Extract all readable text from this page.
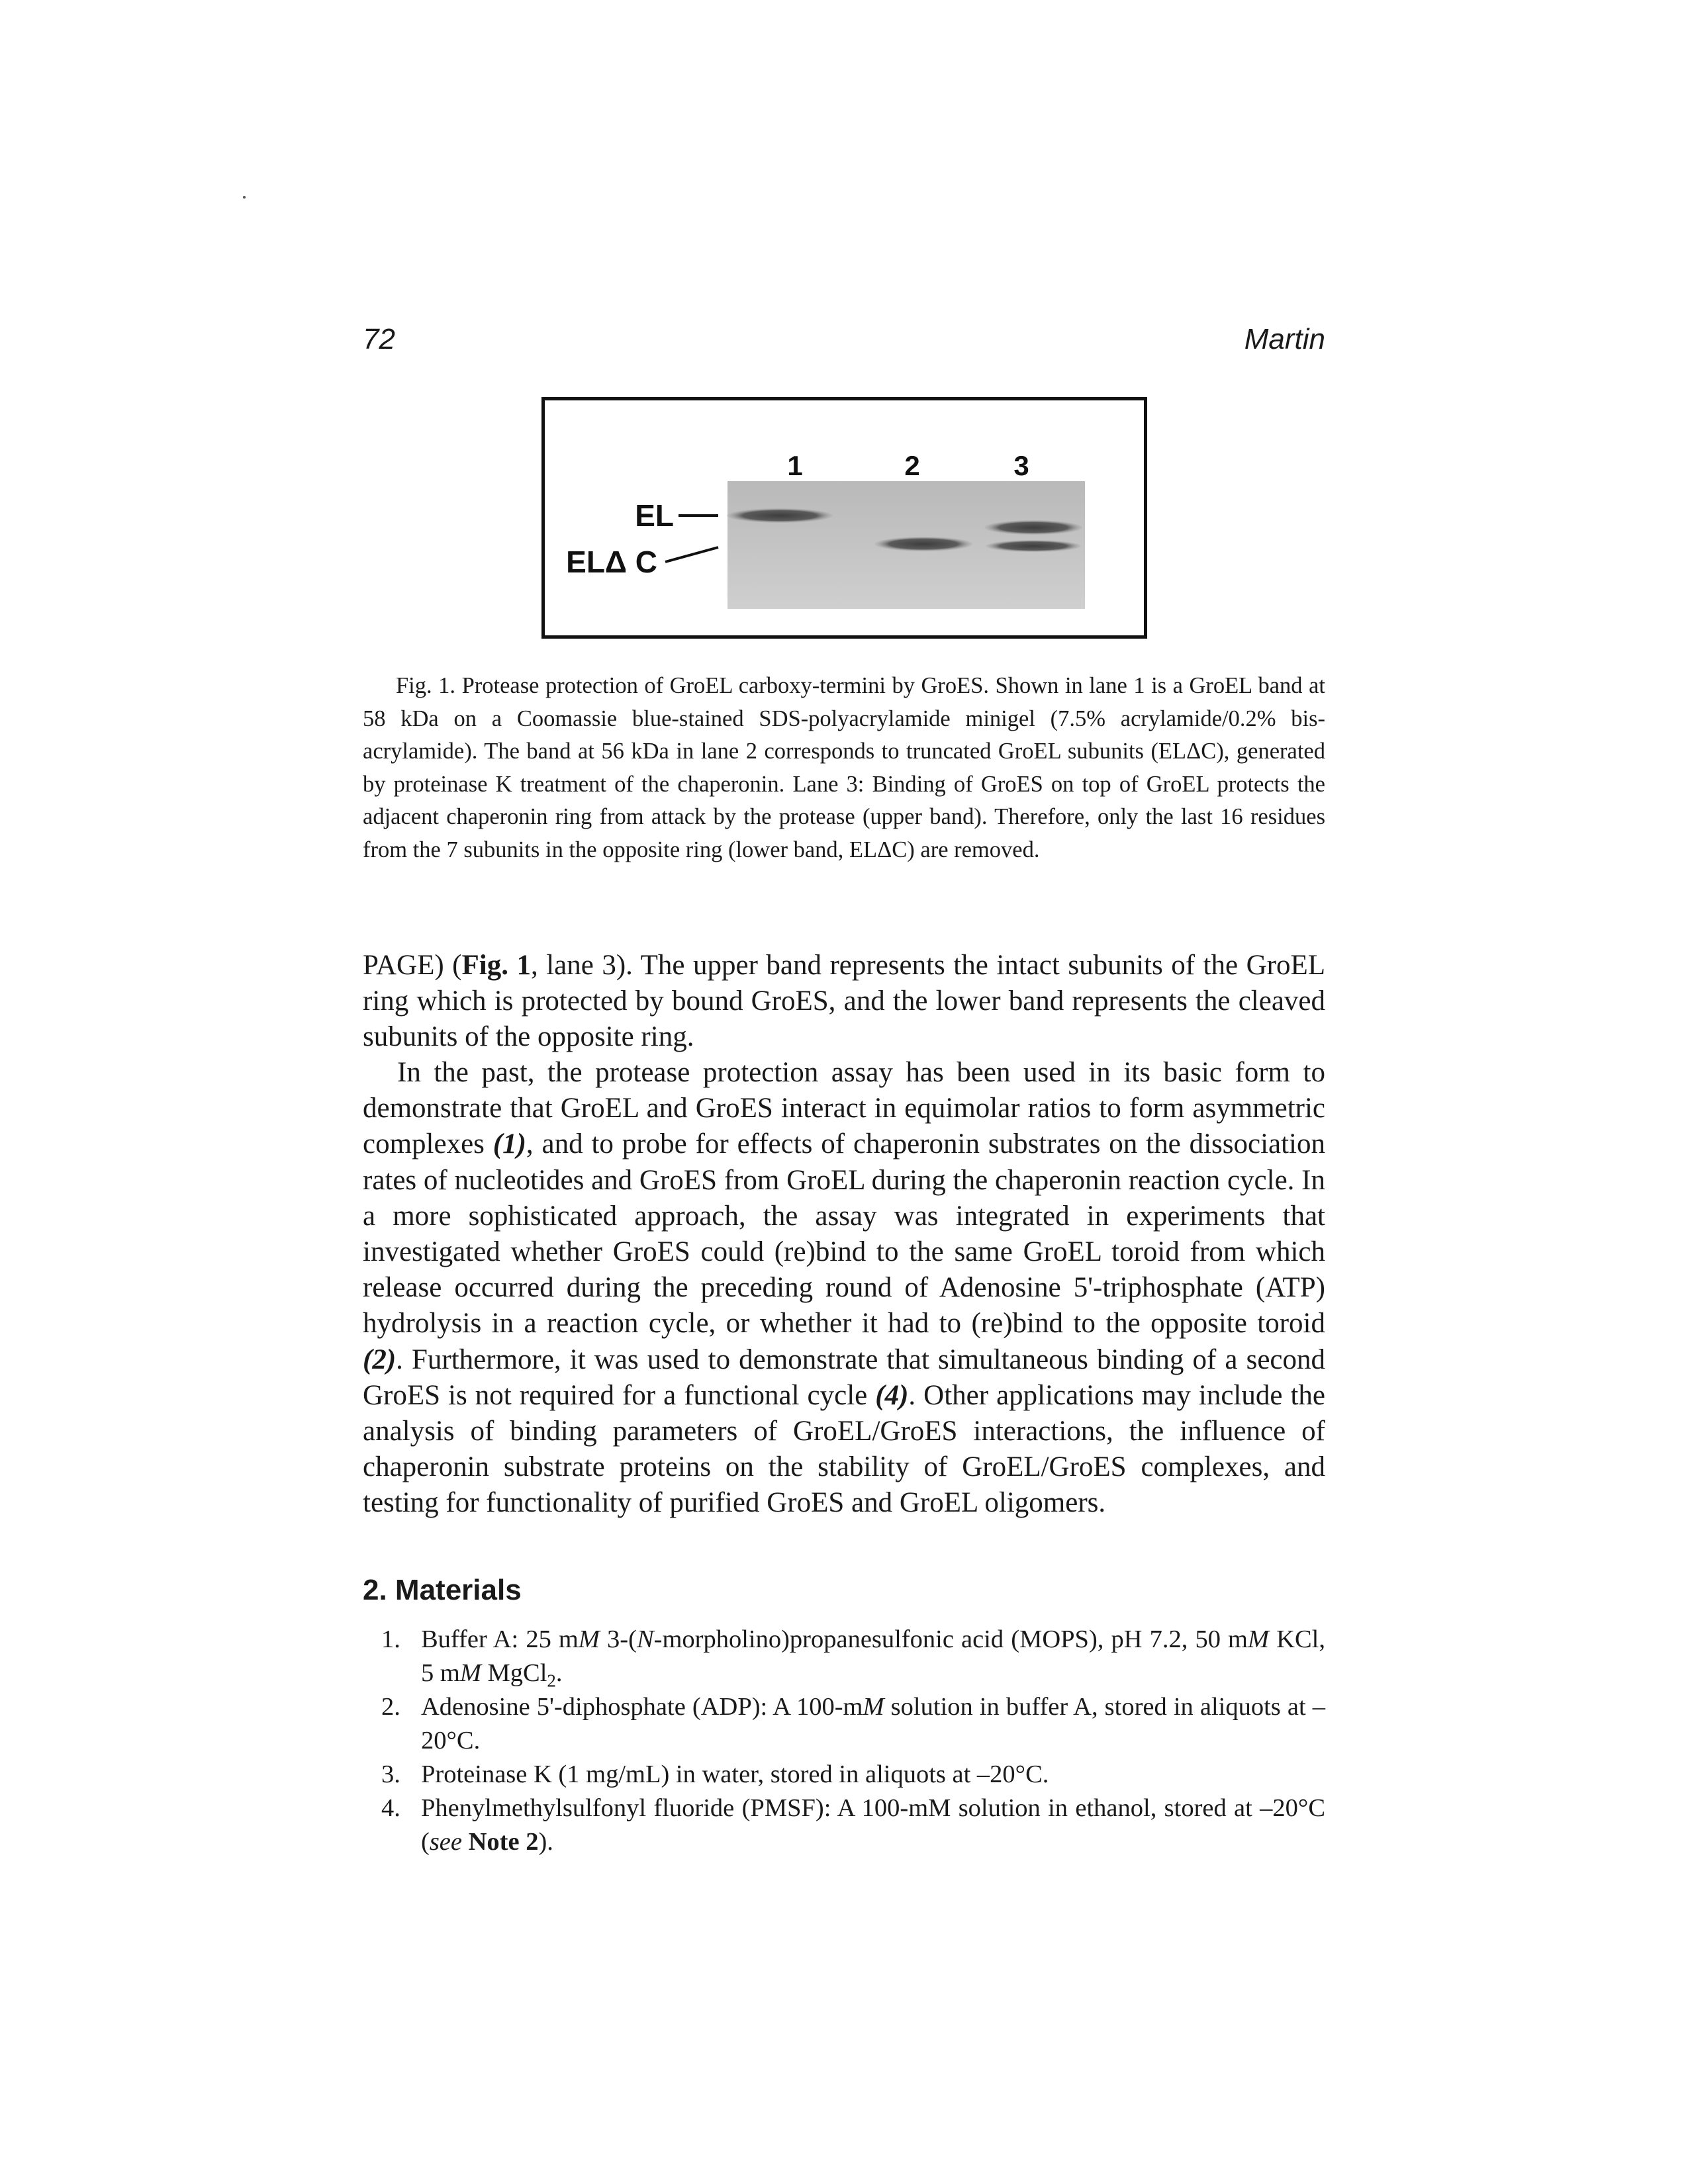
72	Martin
1	2	3
EL
ELΔ C

Fig. 1. Protease protection of GroEL carboxy-termini by GroES. Shown in lane 1 is a GroEL band at 58 kDa on a Coomassie blue-stained SDS-polyacrylamide minigel (7.5% acrylamide/0.2% bis-acrylamide). The band at 56 kDa in lane 2 corresponds to truncated GroEL subunits (ELΔC), generated by proteinase K treatment of the chaperonin. Lane 3: Binding of GroES on top of GroEL protects the adjacent chaperonin ring from attack by the protease (upper band). Therefore, only the last 16 residues from the 7 subunits in the opposite ring (lower band, ELΔC) are removed.

PAGE) (Fig. 1, lane 3). The upper band represents the intact subunits of the GroEL ring which is protected by bound GroES, and the lower band represents the cleaved subunits of the opposite ring.

In the past, the protease protection assay has been used in its basic form to demonstrate that GroEL and GroES interact in equimolar ratios to form asymmetric complexes (1), and to probe for effects of chaperonin substrates on the dissociation rates of nucleotides and GroES from GroEL during the chaperonin reaction cycle. In a more sophisticated approach, the assay was integrated in experiments that investigated whether GroES could (re)bind to the same GroEL toroid from which release occurred during the preceding round of Adenosine 5'-triphosphate (ATP) hydrolysis in a reaction cycle, or whether it had to (re)bind to the opposite toroid (2). Furthermore, it was used to demonstrate that simultaneous binding of a second GroES is not required for a functional cycle (4). Other applications may include the analysis of binding parameters of GroEL/GroES interactions, the influence of chaperonin substrate proteins on the stability of GroEL/GroES complexes, and testing for functionality of purified GroES and GroEL oligomers.

2. Materials
1. Buffer A: 25 mM 3-(N-morpholino)propanesulfonic acid (MOPS), pH 7.2, 50 mM KCl, 5 mM MgCl$_2$.
2. Adenosine 5'-diphosphate (ADP): A 100-mM solution in buffer A, stored in aliquots at –20°C.
3. Proteinase K (1 mg/mL) in water, stored in aliquots at –20°C.
4. Phenylmethylsulfonyl fluoride (PMSF): A 100-mM solution in ethanol, stored at –20°C (see Note 2).
